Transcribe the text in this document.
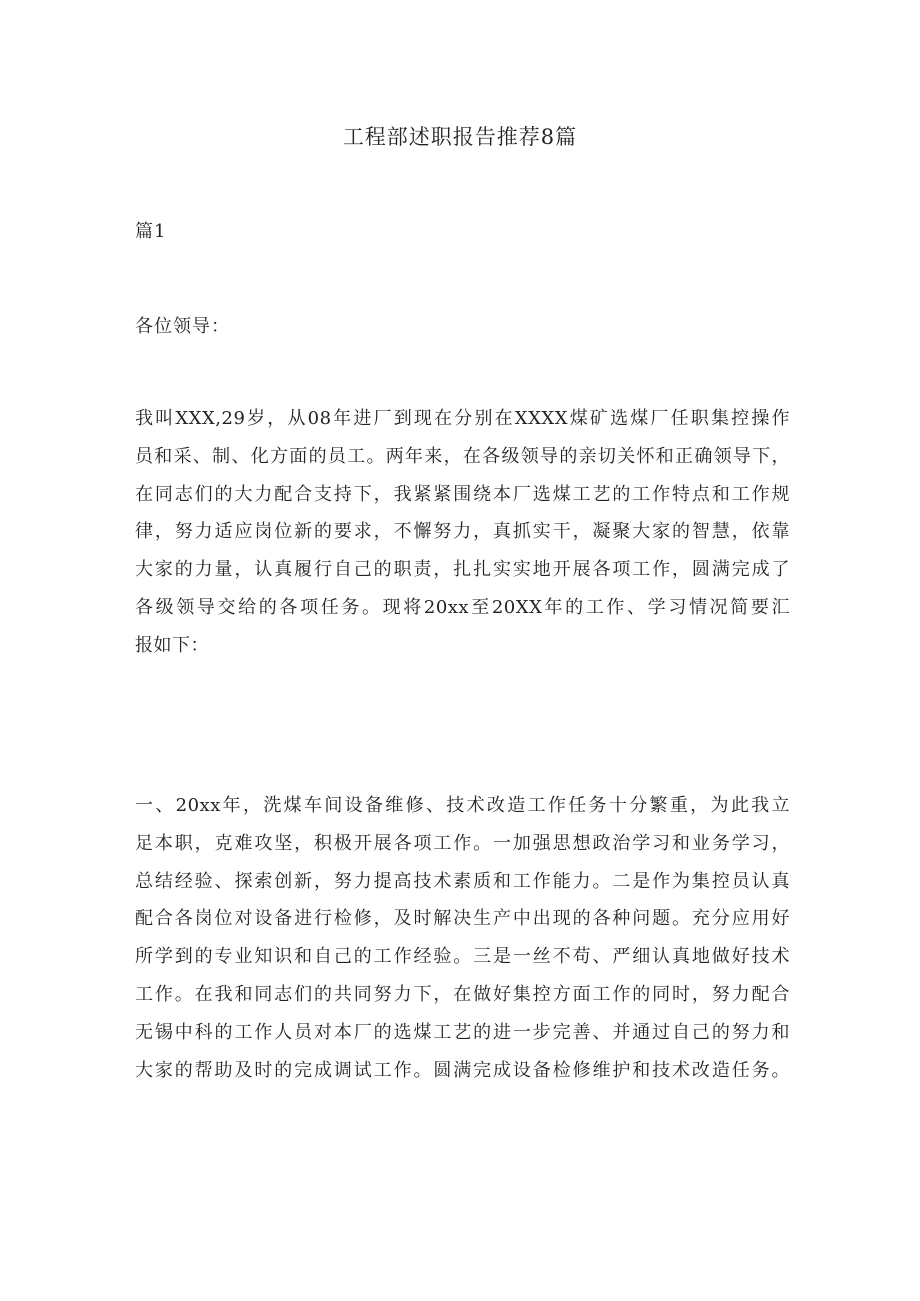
工程部述职报告推荐8篇
篇1
各位领导：
我叫XXX,29岁，从08年进厂到现在分别在XXXX煤矿选煤厂任职集控操作
员和采、制、化方面的员工。两年来，在各级领导的亲切关怀和正确领导下，
在同志们的大力配合支持下，我紧紧围绕本厂选煤工艺的工作特点和工作规
律，努力适应岗位新的要求，不懈努力，真抓实干，凝聚大家的智慧，依靠
大家的力量，认真履行自己的职责，扎扎实实地开展各项工作，圆满完成了
各级领导交给的各项任务。现将20xx至20XX年的工作、学习情况简要汇
报如下：
一、20xx年，洗煤车间设备维修、技术改造工作任务十分繁重，为此我立
足本职，克难攻坚，积极开展各项工作。一加强思想政治学习和业务学习，
总结经验、探索创新，努力提高技术素质和工作能力。二是作为集控员认真
配合各岗位对设备进行检修，及时解决生产中出现的各种问题。充分应用好
所学到的专业知识和自己的工作经验。三是一丝不苟、严细认真地做好技术
工作。在我和同志们的共同努力下，在做好集控方面工作的同时，努力配合
无锡中科的工作人员对本厂的选煤工艺的进一步完善、并通过自己的努力和
大家的帮助及时的完成调试工作。圆满完成设备检修维护和技术改造任务。
